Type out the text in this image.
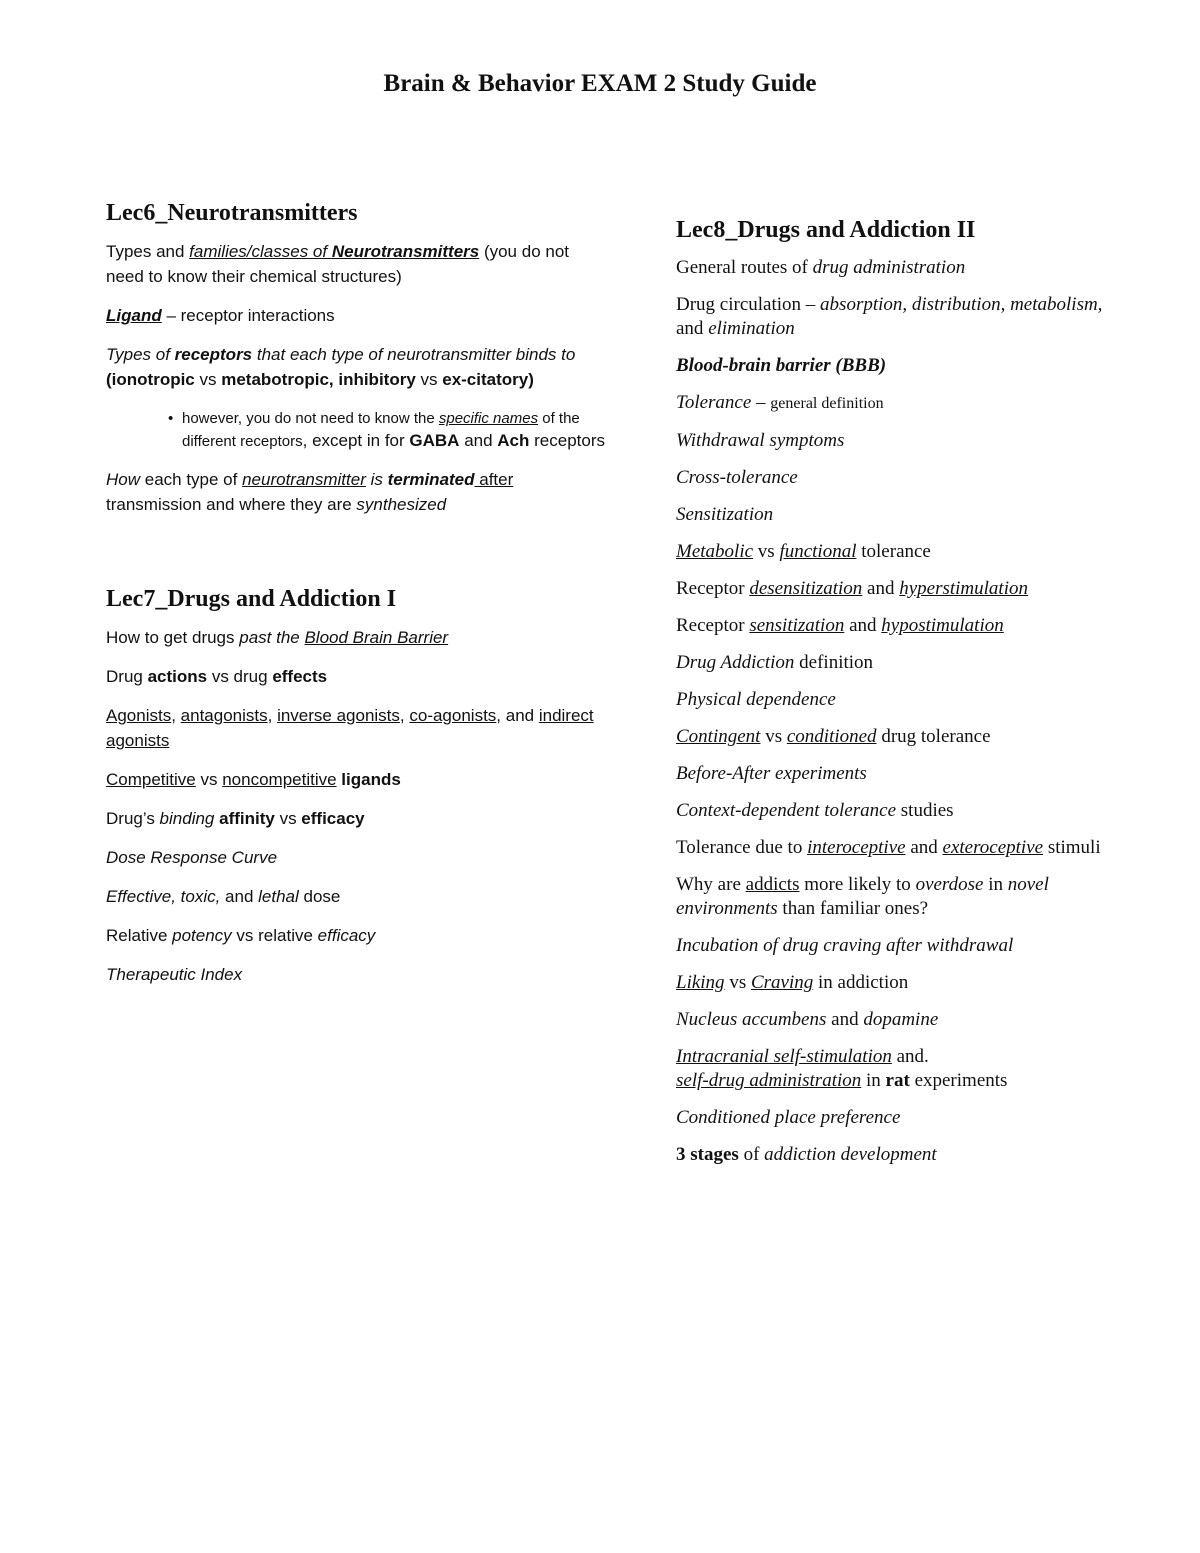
Brain & Behavior EXAM 2 Study Guide
Lec6_Neurotransmitters
Types and families/classes of Neurotransmitters (you do not need to know their chemical structures)
Ligand – receptor interactions
Types of receptors that each type of neurotransmitter binds to (ionotropic vs metabotropic, inhibitory vs ex-citatory)
• however, you do not need to know the specific names of the different receptors, except in for GABA and Ach receptors
How each type of neurotransmitter is terminated after transmission and where they are synthesized
Lec7_Drugs and Addiction I
How to get drugs past the Blood Brain Barrier
Drug actions vs drug effects
Agonists, antagonists, inverse agonists, co-agonists, and indirect agonists
Competitive vs noncompetitive ligands
Drug’s binding affinity vs efficacy
Dose Response Curve
Effective, toxic, and lethal dose
Relative potency vs relative efficacy
Therapeutic Index
Lec8_Drugs and Addiction II
General routes of drug administration
Drug circulation – absorption, distribution, metabolism, and elimination
Blood-brain barrier (BBB)
Tolerance – general definition
Withdrawal symptoms
Cross-tolerance
Sensitization
Metabolic vs functional tolerance
Receptor desensitization and hyperstimulation
Receptor sensitization and hypostimulation
Drug Addiction definition
Physical dependence
Contingent vs conditioned drug tolerance
Before-After experiments
Context-dependent tolerance studies
Tolerance due to interoceptive and exteroceptive stimuli
Why are addicts more likely to overdose in novel environments than familiar ones?
Incubation of drug craving after withdrawal
Liking vs Craving in addiction
Nucleus accumbens and dopamine
Intracranial self-stimulation and.
self-drug administration in rat experiments
Conditioned place preference
3 stages of addiction development
